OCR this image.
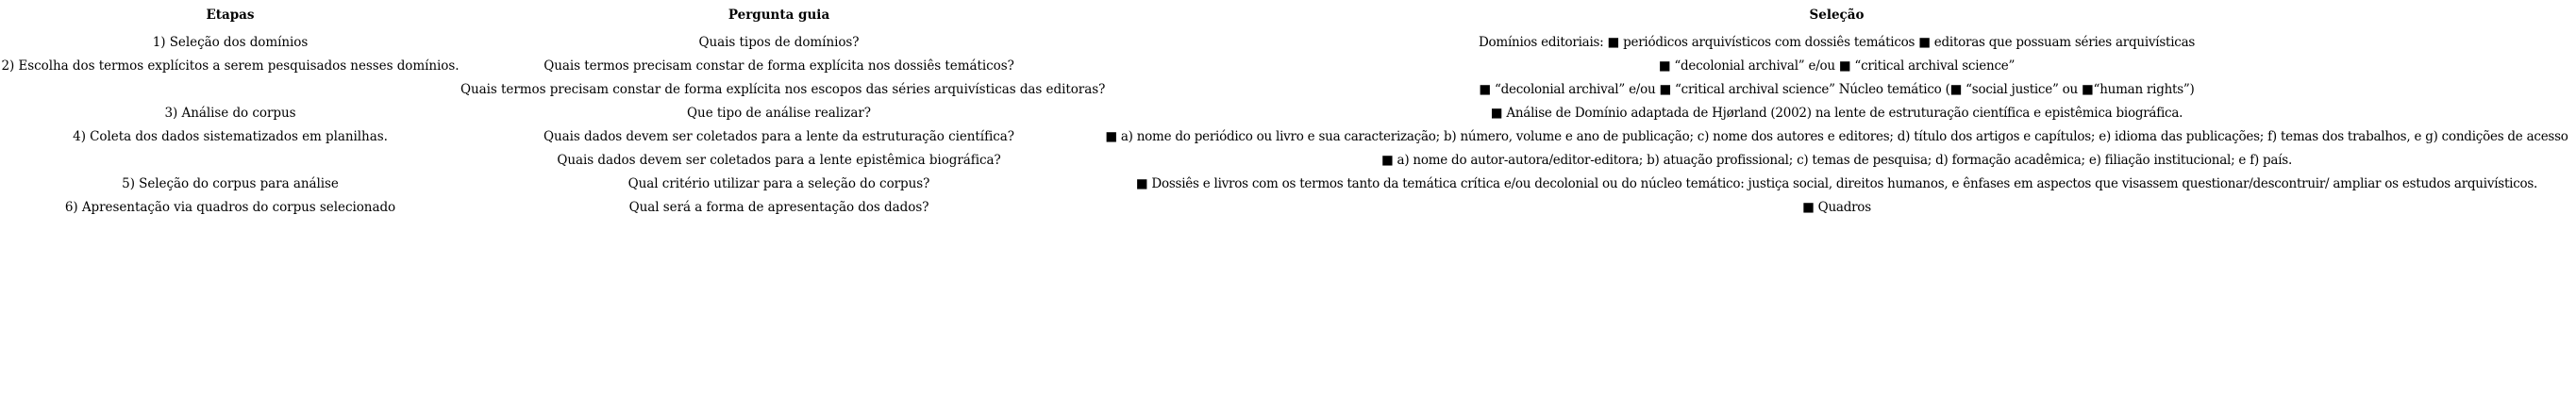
Etapas	Pergunta guia	Seleção
1) Seleção dos domínios	Quais tipos de domínios?	Domínios editoriais: ■ periódicos arquivísticos com dossiês temáticos ■ editoras que possuam séries arquivísticas
2) Escolha dos termos explícitos a serem pesquisados nesses domínios.	Quais termos precisam constar de forma explícita nos dossiês temáticos?	■ “decolonial archival” e/ou ■ “critical archival science”
	Quais termos precisam constar de forma explícita nos escopos das séries arquivísticas das editoras?	■ “decolonial archival” e/ou ■ “critical archival science” Núcleo temático (■ “social justice” ou ■“human rights”)
3) Análise do corpus	Que tipo de análise realizar?	■ Análise de Domínio adaptada de Hjørland (2002) na lente de estruturação científica e epistêmica biográfica.
4) Coleta dos dados sistematizados em planilhas.	Quais dados devem ser coletados para a lente da estruturação científica?	■ a) nome do periódico ou livro e sua caracterização; b) número, volume e ano de publicação; c) nome dos autores e editores; d) título dos artigos e capítulos; e) idioma das publicações; f) temas dos trabalhos, e g) condições de acesso
	Quais dados devem ser coletados para a lente epistêmica biográfica?	■ a) nome do autor-autora/editor-editora; b) atuação profissional; c) temas de pesquisa; d) formação acadêmica; e) filiação institucional; e f) país.
5) Seleção do corpus para análise	Qual critério utilizar para a seleção do corpus?	■ Dossiês e livros com os termos tanto da temática crítica e/ou decolonial ou do núcleo temático: justiça social, direitos humanos, e ênfases em aspectos que visassem questionar/descontruir/ ampliar os estudos arquivísticos.
6) Apresentação via quadros do corpus selecionado	Qual será a forma de apresentação dos dados?	■ Quadros
